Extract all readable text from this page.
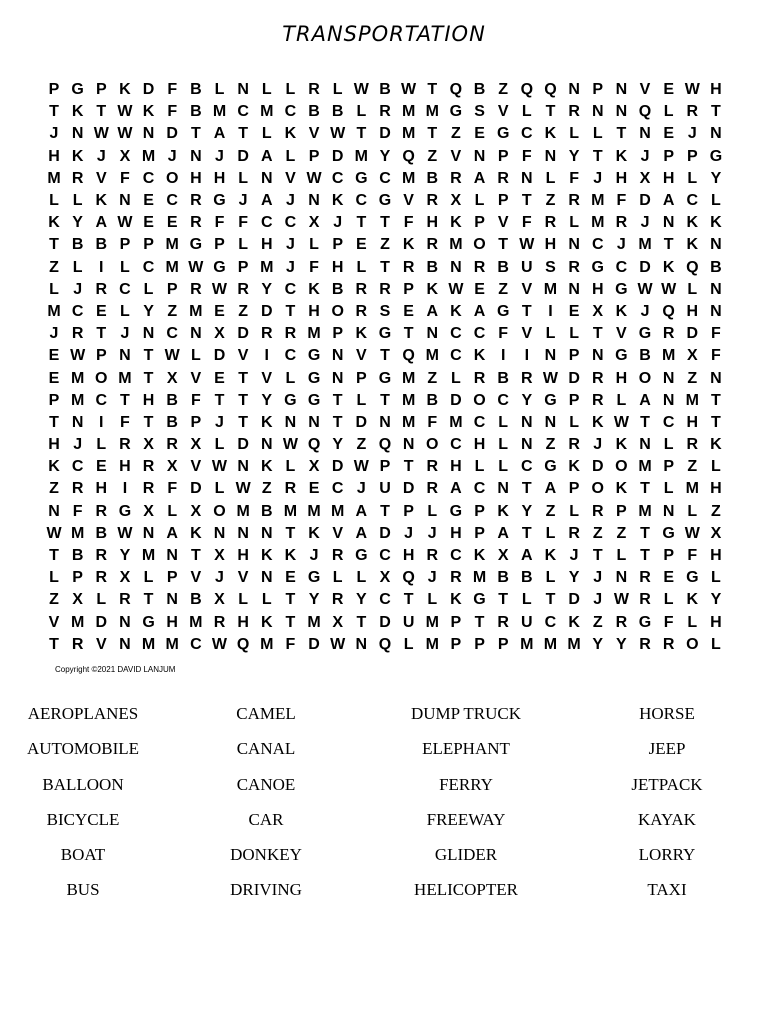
TRANSPORTATION
P G P K D F B L N L L R L W B W T Q B Z Q Q N P N V E W H
T K T W K F B M C M C B B L R M M G S V L T R N N Q L R T
J N W W N D T A T L K V W T D M T Z E G C K L L T N E J N
H K J X M J N J D A L P D M Y Q Z V N P F N Y T K J P P G
M R V F C O H H L N V W C G C M B R A R N L F J H X H L Y
L L K N E C R G J A J N K C G V R X L P T Z R M F D A C L
K Y A W E E R F F C C X J T T F H K P V F R L M R J N K K
T B B P P M G P L H J L P E Z K R M O T W H N C J M T K N
Z L	I	L C M W G P M J F H L T R B N R B U S R G C D K Q B
L J R C L P R W R Y C K B R R P K W E Z V M N H G W W L N
M C E L Y Z M E Z D T H O R S E A K A G T	I	E X K J Q H N
J R T J N C N X D R R M P K G T N C C F V L L T V G R D F
E W P N T W L D V	I C G N V T Q M C K I	I N P N G B M X F
E M O M T X V E T V L G N P G M Z L R B R W D R H O N Z N
P M C T H B F T T Y G G T L T M B D O C Y G P R L A N M T
T N I	F T B P J T K N N T D N M F M C L N N L K W T C H T
H J L R X R X L D N W Q Y Z Q N O C H L N Z R J K N L R K
K C E H R X V W N K L X D W P T R H L L C G K D O M P Z L
Z R H I R F D L W Z R E C J U D R A C N T A P O K T L M H
N F R G X L X O M B M M M A T P L G P K Y Z L R P M N L Z
W M B W N A K N N N T K V A D J J H P A T L R Z Z T G W X
T B R Y M N T X H K K J R G C H R C K X A K J T L T P F H
L P R X L P V J V N E G L L X Q J R M B B L Y J N R E G L
Z X L R T N B X L L T Y R Y C T L K G T L T D J W R L K Y
V M D N G H M R H K T M X T D U M P T R U C K Z R G F L H
T R V N M M C W Q M F D W N Q L M P P P M M M Y Y R R O L
Copyright ©2021 DAVID LANJUM
AEROPLANES	CAMEL	DUMP TRUCK	HORSE
AUTOMOBILE	CANAL	ELEPHANT	JEEP
BALLOON	CANOE	FERRY	JETPACK
BICYCLE	CAR	FREEWAY	KAYAK
BOAT	DONKEY	GLIDER	LORRY
BUS	DRIVING	HELICOPTER	TAXI
